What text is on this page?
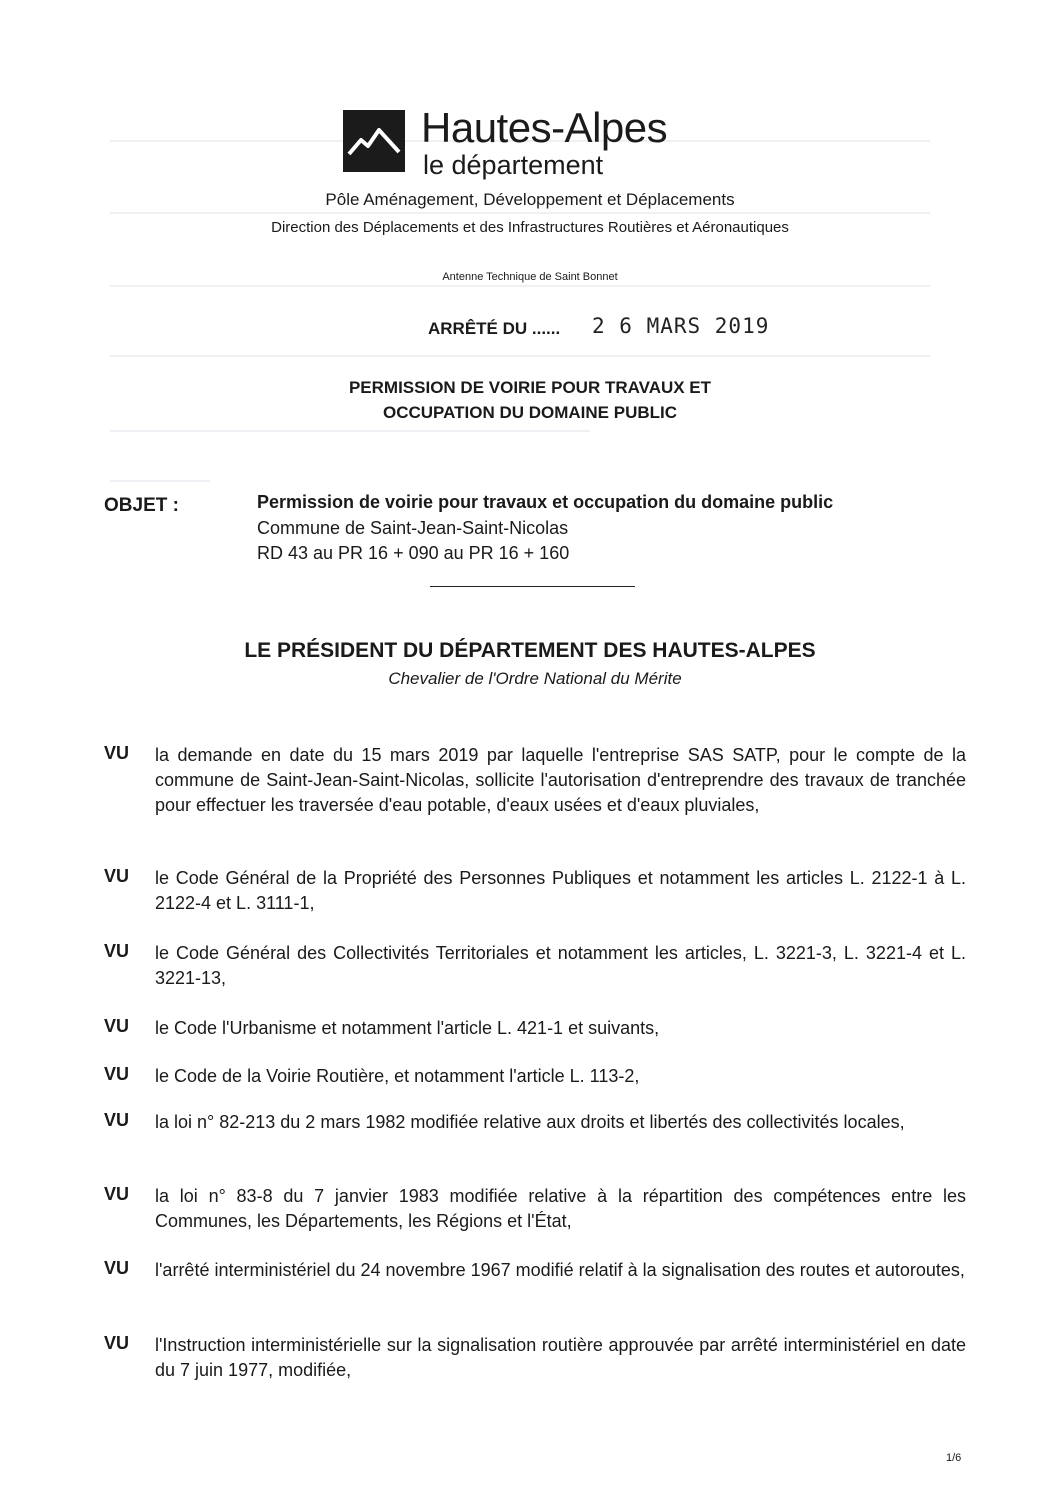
Hautes-Alpes
le département
Pôle Aménagement, Développement et Déplacements
Direction des Déplacements et des Infrastructures Routières et Aéronautiques
Antenne Technique de Saint Bonnet
ARRÊTÉ DU ...... 2 6 MARS 2019
PERMISSION DE VOIRIE POUR TRAVAUX ET
OCCUPATION DU DOMAINE PUBLIC
OBJET :	Permission de voirie pour travaux et occupation du domaine public
Commune de Saint-Jean-Saint-Nicolas
RD 43 au PR 16 + 090 au PR 16 + 160
LE PRÉSIDENT DU DÉPARTEMENT DES HAUTES-ALPES
Chevalier de l'Ordre National du Mérite
VU la demande en date du 15 mars 2019 par laquelle l'entreprise SAS SATP, pour le compte de la commune de Saint-Jean-Saint-Nicolas, sollicite l'autorisation d'entreprendre des travaux de tranchée pour effectuer les traversée d'eau potable, d'eaux usées et d'eaux pluviales,
VU le Code Général de la Propriété des Personnes Publiques et notamment les articles L. 2122-1 à L. 2122-4 et L. 3111-1,
VU le Code Général des Collectivités Territoriales et notamment les articles, L. 3221-3, L. 3221-4 et L. 3221-13,
VU le Code l'Urbanisme et notamment l'article L. 421-1 et suivants,
VU le Code de la Voirie Routière, et notamment l'article L. 113-2,
VU la loi n° 82-213 du 2 mars 1982 modifiée relative aux droits et libertés des collectivités locales,
VU la loi n° 83-8 du 7 janvier 1983 modifiée relative à la répartition des compétences entre les Communes, les Départements, les Régions et l'État,
VU l'arrêté interministériel du 24 novembre 1967 modifié relatif à la signalisation des routes et autoroutes,
VU l'Instruction interministérielle sur la signalisation routière approuvée par arrêté interministériel en date du 7 juin 1977, modifiée,
1/6
